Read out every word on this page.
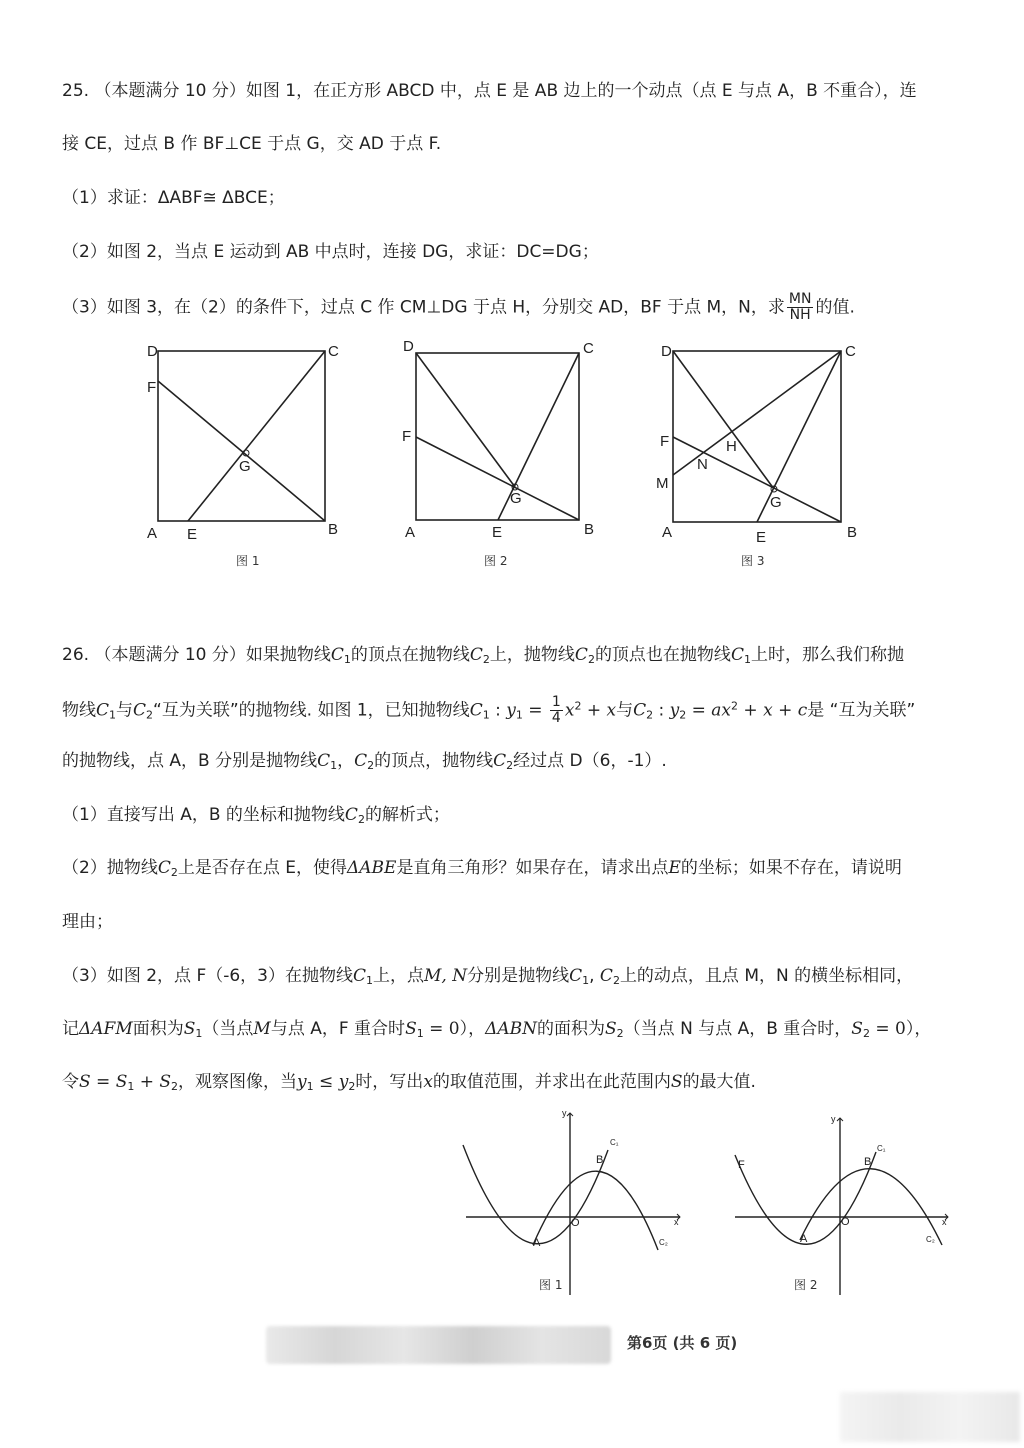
25. （本题满分 10 分）如图 1，在正方形 ABCD 中，点 E 是 AB 边上的一个动点（点 E 与点 A，B 不重合），连
接 CE，过点 B 作 BF⊥CE 于点 G，交 AD 于点 F.
（1）求证：ΔABF≅ ΔBCE；
（2）如图 2，当点 E 运动到 AB 中点时，连接 DG，求证：DC=DG；
（3）如图 3，在（2）的条件下，过点 C 作 CM⊥DG 于点 H，分别交 AD，BF 于点 M，N，求 $\frac{MN}{NH}$ 的值.
D	C
F
G
A E	B
图 1
D	C
F
G
A	E	B
图 2
D	C
F	H
N
M
G
A	E	B
图 3
26. （本题满分 10 分）如果抛物线$C_1$的顶点在抛物线$C_2$上，抛物线$C_2$的顶点也在抛物线$C_1$上时，那么我们称抛
物线$C_1$与$C_2“$互为关联”的抛物线. 如图 1，已知抛物线$C_1$ : $y_1 = \frac{1}{4} x^2 + x$与$C_2$ : $y_2 = ax^2 + x + c$是 “互为关联”
的抛物线，点 A，B 分别是抛物线$C_1$，$C_2$的顶点，抛物线$C_2$经过点 D（6，-1）.
（1）直接写出 A，B 的坐标和抛物线$C_2$的解析式；
（2）抛物线$C_2$上是否存在点 E，使得ΔABE是直角三角形？如果存在，请求出点E的坐标；如果不存在，请说明
理由；
（3）如图 2，点 F（-6，3）在抛物线$C_1$上，点M, N分别是抛物线$C_1$, $C_2$上的动点，且点 M，N 的横坐标相同，
记ΔAFM面积为$S_1$（当点M与点 A，F 重合时$S_1 = 0$），ΔABN的面积为$S_2$（当点 N 与点 A，B 重合时，$S_2 = 0$），
令$S = S_1 + S_2$，观察图像，当$y_1 \le y_2$时，写出x的取值范围，并求出在此范围内S的最大值.
x
y
O
A
B
C₁
C₂
图 1
x
y
O
A
B
C₁
C₂
F
图 2
第6页 (共 6 页)
